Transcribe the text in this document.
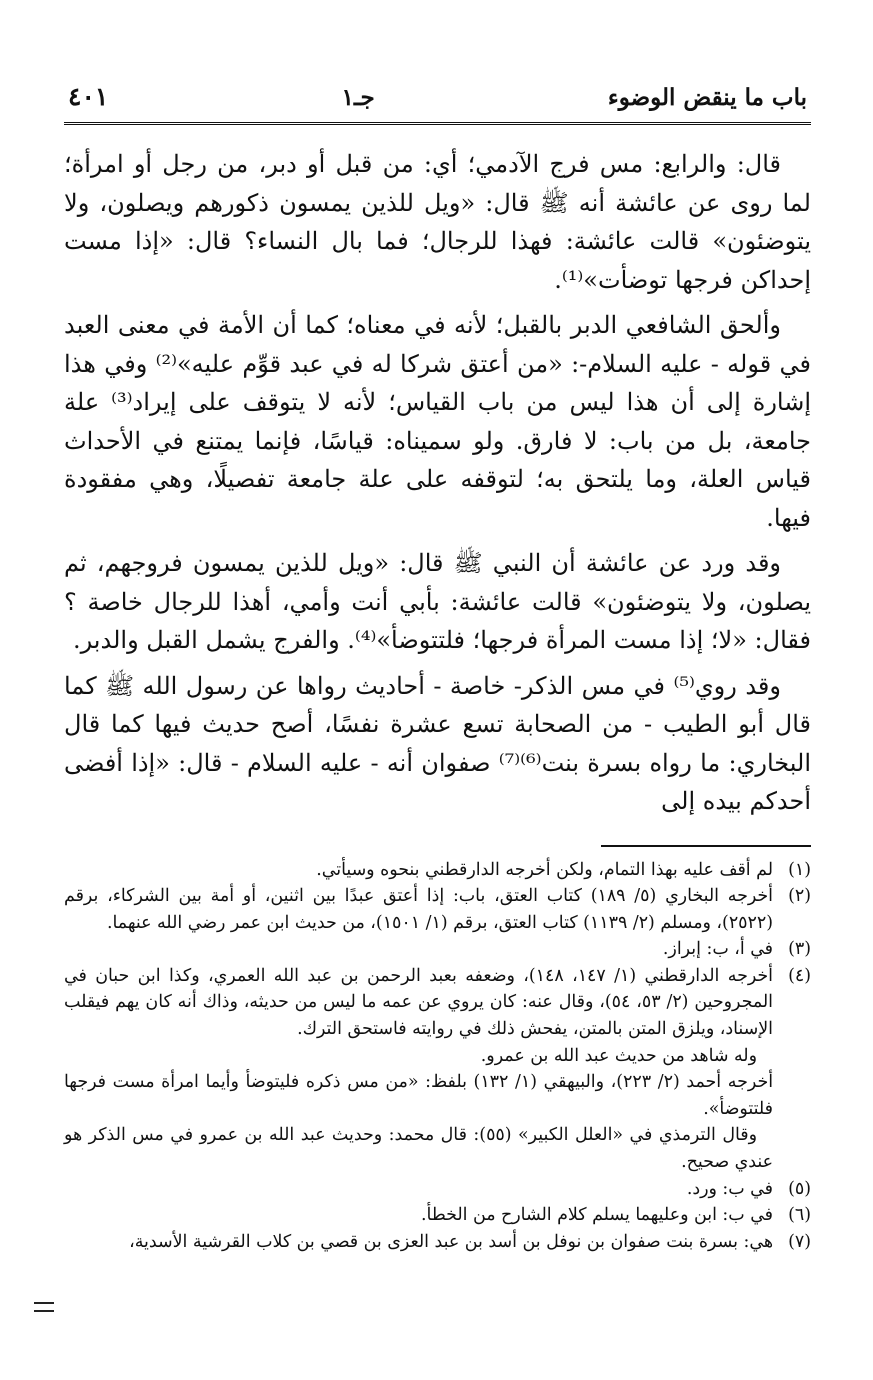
باب ما ينقض الوضوء
جـ١
٤٠١

قال: والرابع: مس فرج الآدمي؛ أي: من قبل أو دبر، من رجل أو امرأة؛ لما روى عن عائشة أنه ﷺ قال: «ويل للذين يمسون ذكورهم ويصلون، ولا يتوضئون» قالت عائشة: فهذا للرجال؛ فما بال النساء؟ قال: «إذا مست إحداكن فرجها توضأت»⁽¹⁾.

وألحق الشافعي الدبر بالقبل؛ لأنه في معناه؛ كما أن الأمة في معنى العبد في قوله - عليه السلام-: «من أعتق شركا له في عبد قوِّم عليه»⁽²⁾ وفي هذا إشارة إلى أن هذا ليس من باب القياس؛ لأنه لا يتوقف على إيراد⁽³⁾ علة جامعة، بل من باب: لا فارق. ولو سميناه: قياسًا، فإنما يمتنع في الأحداث قياس العلة، وما يلتحق به؛ لتوقفه على علة جامعة تفصيلًا، وهي مفقودة فيها.

وقد ورد عن عائشة أن النبي ﷺ قال: «ويل للذين يمسون فروجهم، ثم يصلون، ولا يتوضئون» قالت عائشة: بأبي أنت وأمي، أهذا للرجال خاصة ؟ فقال: «لا؛ إذا مست المرأة فرجها؛ فلتتوضأ»⁽⁴⁾. والفرج يشمل القبل والدبر.

وقد روي⁽⁵⁾ في مس الذكر- خاصة - أحاديث رواها عن رسول الله ﷺ كما قال أبو الطيب - من الصحابة تسع عشرة نفسًا، أصح حديث فيها كما قال البخاري: ما رواه بسرة بنت⁽⁶⁾⁽⁷⁾ صفوان أنه - عليه السلام - قال: «إذا أفضى أحدكم بيده إلى

(١)
لم أقف عليه بهذا التمام، ولكن أخرجه الدارقطني بنحوه وسيأتي.
(٢)
أخرجه البخاري (٥/ ١٨٩) كتاب العتق، باب: إذا أعتق عبدًا بين اثنين، أو أمة بين الشركاء، برقم (٢٥٢٢)، ومسلم (٢/ ١١٣٩) كتاب العتق، برقم (١/ ١٥٠١)، من حديث ابن عمر رضي الله عنهما.
(٣)
في أ، ب: إبراز.
(٤)
أخرجه الدارقطني (١/ ١٤٧، ١٤٨)، وضعفه بعبد الرحمن بن عبد الله العمري، وكذا ابن حبان في المجروحين (٢/ ٥٣، ٥٤)، وقال عنه: كان يروي عن عمه ما ليس من حديثه، وذاك أنه كان يهم فيقلب الإسناد، ويلزق المتن بالمتن، يفحش ذلك في روايته فاستحق الترك.
وله شاهد من حديث عبد الله بن عمرو.
أخرجه أحمد (٢/ ٢٢٣)، والبيهقي (١/ ١٣٢) بلفظ: «من مس ذكره فليتوضأ وأيما امرأة مست فرجها فلتتوضأ».
وقال الترمذي في «العلل الكبير» (٥٥): قال محمد: وحديث عبد الله بن عمرو في مس الذكر هو عندي صحيح.
(٥)
في ب: ورد.
(٦)
في ب: ابن وعليهما يسلم كلام الشارح من الخطأ.
(٧)
هي: بسرة بنت صفوان بن نوفل بن أسد بن عبد العزى بن قصي بن كلاب القرشية الأسدية،
